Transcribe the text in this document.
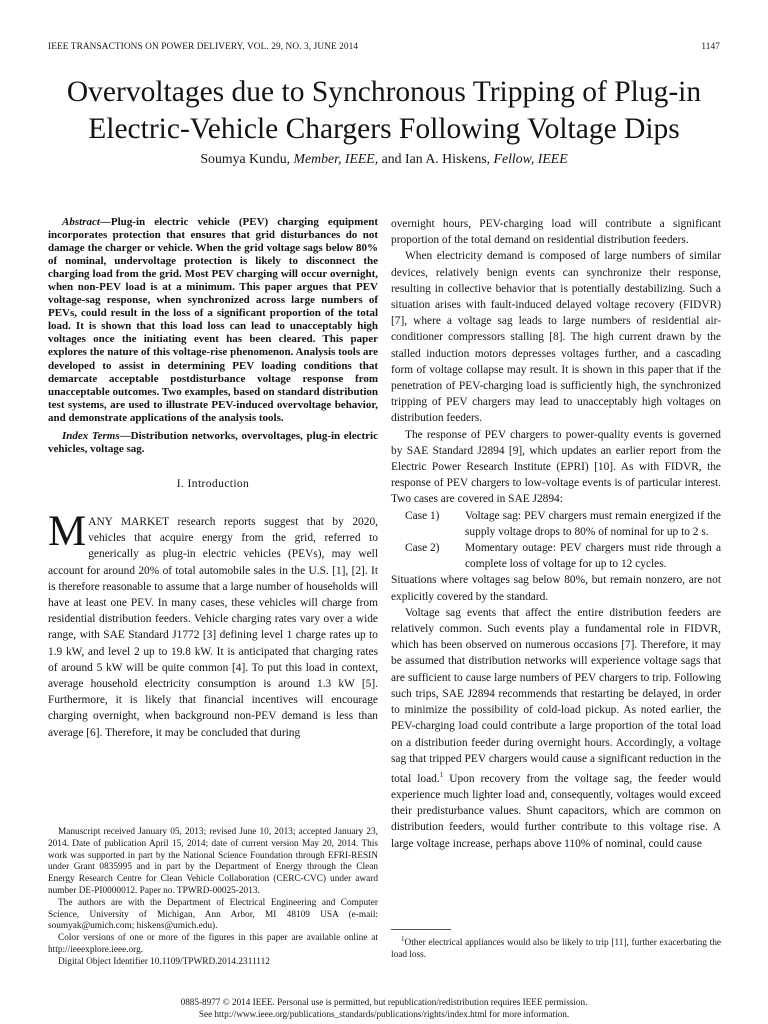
IEEE TRANSACTIONS ON POWER DELIVERY, VOL. 29, NO. 3, JUNE 2014	1147
Overvoltages due to Synchronous Tripping of Plug-in
Electric-Vehicle Chargers Following Voltage Dips
Soumya Kundu, Member, IEEE, and Ian A. Hiskens, Fellow, IEEE

Abstract—Plug-in electric vehicle (PEV) charging equipment incorporates protection that ensures that grid disturbances do not damage the charger or vehicle. When the grid voltage sags below 80% of nominal, undervoltage protection is likely to disconnect the charging load from the grid. Most PEV charging will occur overnight, when non-PEV load is at a minimum. This paper argues that PEV voltage-sag response, when synchronized across large numbers of PEVs, could result in the loss of a significant proportion of the total load. It is shown that this load loss can lead to unacceptably high voltages once the initiating event has been cleared. This paper explores the nature of this voltage-rise phenomenon. Analysis tools are developed to assist in determining PEV loading conditions that demarcate acceptable postdisturbance voltage response from unacceptable outcomes. Two examples, based on standard distribution test systems, are used to illustrate PEV-induced overvoltage behavior, and demonstrate applications of the analysis tools.

Index Terms—Distribution networks, overvoltages, plug-in electric vehicles, voltage sag.

I. Introduction

MANY MARKET research reports suggest that by 2020, vehicles that acquire energy from the grid, referred to generically as plug-in electric vehicles (PEVs), may well account for around 20% of total automobile sales in the U.S. [1], [2]. It is therefore reasonable to assume that a large number of households will have at least one PEV. In many cases, these vehicles will charge from residential distribution feeders. Vehicle charging rates vary over a wide range, with SAE Standard J1772 [3] defining level 1 charge rates up to 1.9 kW, and level 2 up to 19.8 kW. It is anticipated that charging rates of around 5 kW will be quite common [4]. To put this load in context, average household electricity consumption is around 1.3 kW [5]. Furthermore, it is likely that financial incentives will encourage charging overnight, when background non-PEV demand is less than average [6]. Therefore, it may be concluded that during

Manuscript received January 05, 2013; revised June 10, 2013; accepted January 23, 2014. Date of publication April 15, 2014; date of current version May 20, 2014. This work was supported in part by the National Science Foundation through EFRI-RESIN under Grant 0835995 and in part by the Department of Energy through the Clean Energy Research Centre for Clean Vehicle Collaboration (CERC-CVC) under award number DE-PI0000012. Paper no. TPWRD-00025-2013.

The authors are with the Department of Electrical Engineering and Computer Science, University of Michigan, Ann Arbor, MI 48109 USA (e-mail: soumyak@umich.com; hiskens@umich.edu).

Color versions of one or more of the figures in this paper are available online at http://ieeexplore.ieee.org.

Digital Object Identifier 10.1109/TPWRD.2014.2311112

overnight hours, PEV-charging load will contribute a significant proportion of the total demand on residential distribution feeders.

When electricity demand is composed of large numbers of similar devices, relatively benign events can synchronize their response, resulting in collective behavior that is potentially destabilizing. Such a situation arises with fault-induced delayed voltage recovery (FIDVR) [7], where a voltage sag leads to large numbers of residential air-conditioner compressors stalling [8]. The high current drawn by the stalled induction motors depresses voltages further, and a cascading form of voltage collapse may result. It is shown in this paper that if the penetration of PEV-charging load is sufficiently high, the synchronized tripping of PEV chargers may lead to unacceptably high voltages on distribution feeders.

The response of PEV chargers to power-quality events is governed by SAE Standard J2894 [9], which updates an earlier report from the Electric Power Research Institute (EPRI) [10]. As with FIDVR, the response of PEV chargers to low-voltage events is of particular interest. Two cases are covered in SAE J2894:

Case 1)	Voltage sag: PEV chargers must remain energized if the supply voltage drops to 80% of nominal for up to 2 s.
Case 2)	Momentary outage: PEV chargers must ride through a complete loss of voltage for up to 12 cycles.

Situations where voltages sag below 80%, but remain nonzero, are not explicitly covered by the standard.

Voltage sag events that affect the entire distribution feeders are relatively common. Such events play a fundamental role in FIDVR, which has been observed on numerous occasions [7]. Therefore, it may be assumed that distribution networks will experience voltage sags that are sufficient to cause large numbers of PEV chargers to trip. Following such trips, SAE J2894 recommends that restarting be delayed, in order to minimize the possibility of cold-load pickup. As noted earlier, the PEV-charging load could contribute a large proportion of the total load on a distribution feeder during overnight hours. Accordingly, a voltage sag that tripped PEV chargers would cause a significant reduction in the total load.$^1$ Upon recovery from the voltage sag, the feeder would experience much lighter load and, consequently, voltages would exceed their predisturbance values. Shunt capacitors, which are common on distribution feeders, would further contribute to this voltage rise. A large voltage increase, perhaps above 110% of nominal, could cause

$^1$Other electrical appliances would also be likely to trip [11], further exacerbating the load loss.

0885-8977 © 2014 IEEE. Personal use is permitted, but republication/redistribution requires IEEE permission.
See http://www.ieee.org/publications_standards/publications/rights/index.html for more information.
